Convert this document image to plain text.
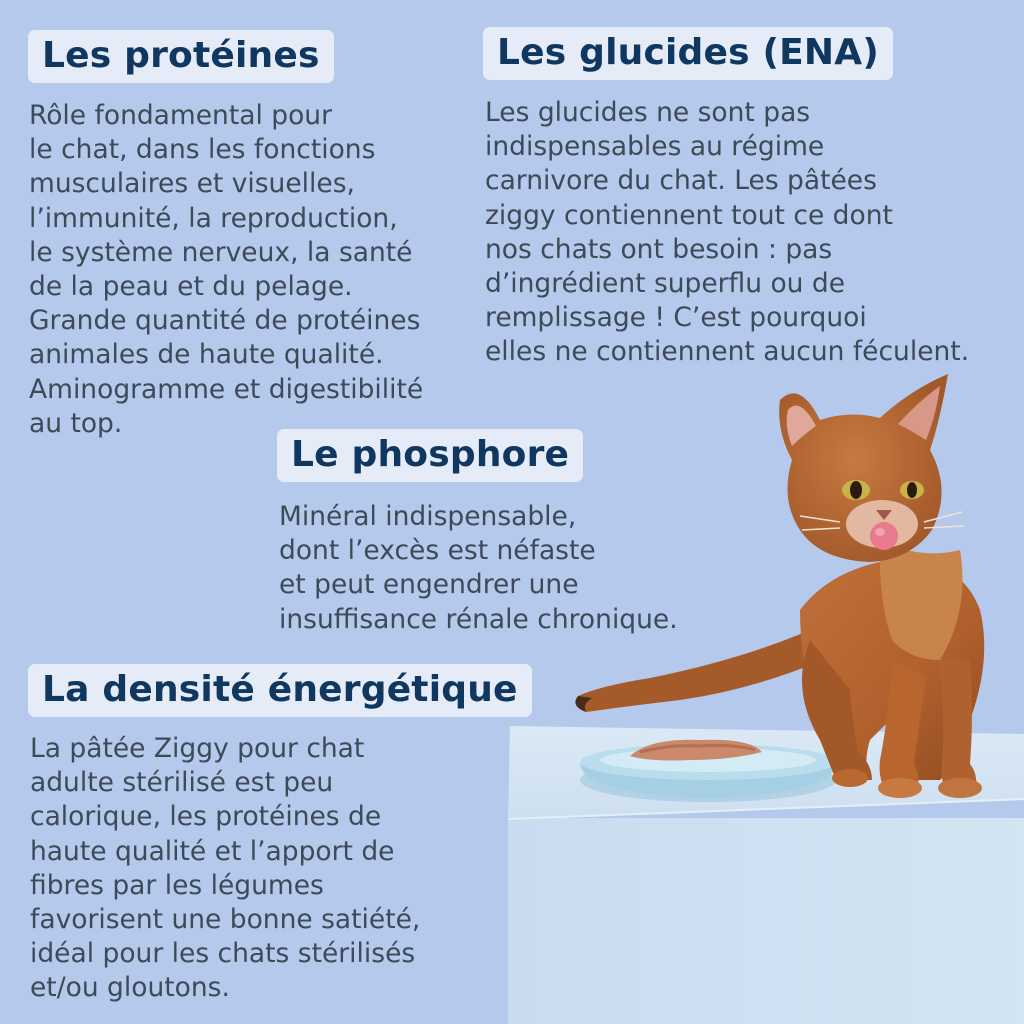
Les protéines

Rôle fondamental pour
le chat, dans les fonctions
musculaires et visuelles,
l’immunité, la reproduction,
le système nerveux, la santé
de la peau et du pelage.
Grande quantité de protéines
animales de haute qualité.
Aminogramme et digestibilité
au top.

Les glucides (ENA)

Les glucides ne sont pas
indispensables au régime
carnivore du chat. Les pâtées
ziggy contiennent tout ce dont
nos chats ont besoin : pas
d’ingrédient superflu ou de
remplissage ! C’est pourquoi
elles ne contiennent aucun féculent.

Le phosphore

Minéral indispensable,
dont l’excès est néfaste
et peut engendrer une
insuffisance rénale chronique.

La densité énergétique

La pâtée Ziggy pour chat
adulte stérilisé est peu
calorique, les protéines de
haute qualité et l’apport de
fibres par les légumes
favorisent une bonne satiété,
idéal pour les chats stérilisés
et/ou gloutons.
